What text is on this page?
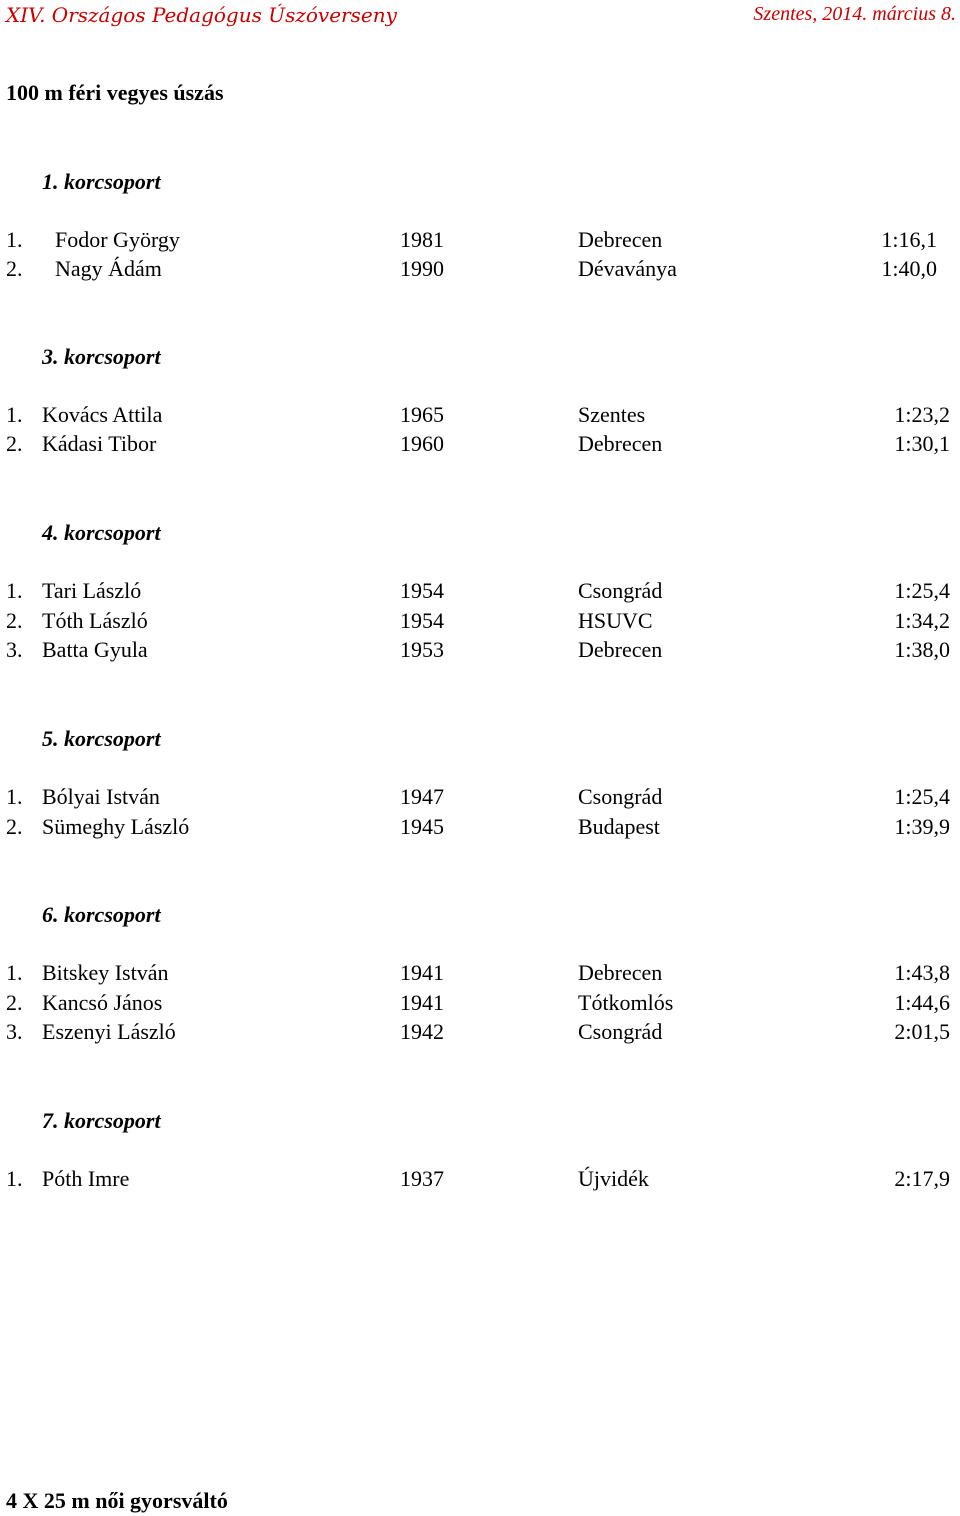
XIV. Országos Pedagógus Úszóverseny	Szentes, 2014. március 8.
100 m féri vegyes úszás
1. korcsoport
1. Fodor György	1981	Debrecen	1:16,1
2. Nagy Ádám	1990	Dévaványa	1:40,0
3. korcsoport
1. Kovács Attila	1965	Szentes	1:23,2
2. Kádasi Tibor	1960	Debrecen	1:30,1
4. korcsoport
1. Tari László	1954	Csongrád	1:25,4
2. Tóth László	1954	HSUVC	1:34,2
3. Batta Gyula	1953	Debrecen	1:38,0
5. korcsoport
1. Bólyai István	1947	Csongrád	1:25,4
2. Sümeghy László	1945	Budapest	1:39,9
6. korcsoport
1. Bitskey István	1941	Debrecen	1:43,8
2. Kancsó János	1941	Tótkomlós	1:44,6
3. Eszenyi László	1942	Csongrád	2:01,5
7. korcsoport
1. Póth Imre	1937	Újvidék	2:17,9
4 X 25 m női gyorsváltó
